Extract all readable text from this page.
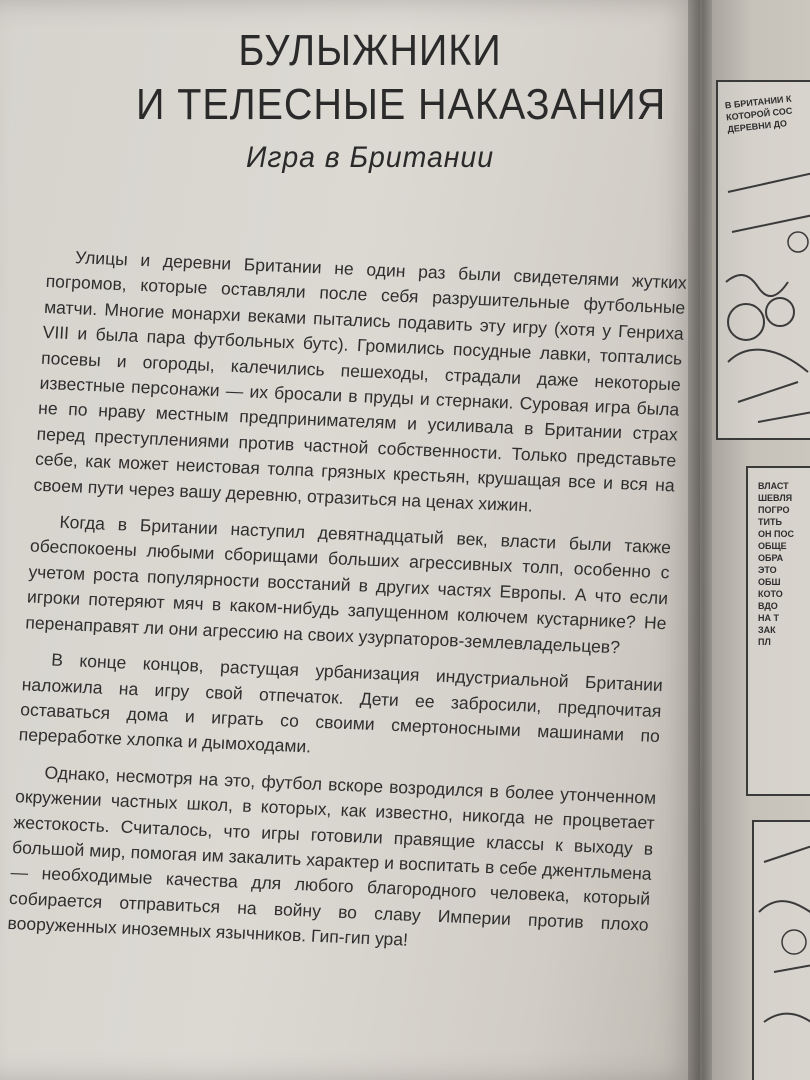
БУЛЫЖНИКИ
И ТЕЛЕСНЫЕ НАКАЗАНИЯ
Игра в Британии

Улицы и деревни Британии не один раз были свидетелями жутких погромов, которые оставляли после себя разрушительные футбольные матчи. Многие монархи веками пытались подавить эту игру (хотя у Генриха VIII и была пара футбольных бутс). Громились посудные лавки, топтались посевы и огороды, калечились пешеходы, страдали даже некоторые известные персонажи — их бросали в пруды и стернаки. Суровая игра была не по нраву местным предпринимателям и усиливала в Британии страх перед преступлениями против частной собственности. Только представьте себе, как может неистовая толпа грязных крестьян, крушащая все и вся на своем пути через вашу деревню, отразиться на ценах хижин.

Когда в Британии наступил девятнадцатый век, власти были также обеспокоены любыми сборищами больших агрессивных толп, особенно с учетом роста популярности восстаний в других частях Европы. А что если игроки потеряют мяч в каком-нибудь запущенном колючем кустарнике? Не перенаправят ли они агрессию на своих узурпаторов-землевладельцев?

В конце концов, растущая урбанизация индустриальной Британии наложила на игру свой отпечаток. Дети ее забросили, предпочитая оставаться дома и играть со своими смертоносными машинами по переработке хлопка и дымоходами.

Однако, несмотря на это, футбол вскоре возродился в более утонченном окружении частных школ, в которых, как известно, никогда не процветает жестокость. Считалось, что игры готовили правящие классы к выходу в большой мир, помогая им закалить характер и воспитать в себе джентльмена — необходимые качества для любого благородного человека, который собирается отправиться на войну во славу Империи против плохо вооруженных иноземных язычников. Гип-гип ура!

В БРИТАНИИ К
КОТОРОЙ СОС
ДЕРЕВНИ ДО
ВЛАСТ
ШЕВЛЯ
ПОГРО
ТИТЬ
ОН ПОС
ОБЩЕ
ОБРА
ЭТО
ОБШ
КОТО
ВДО
НА Т
ЗАК
ПЛ
